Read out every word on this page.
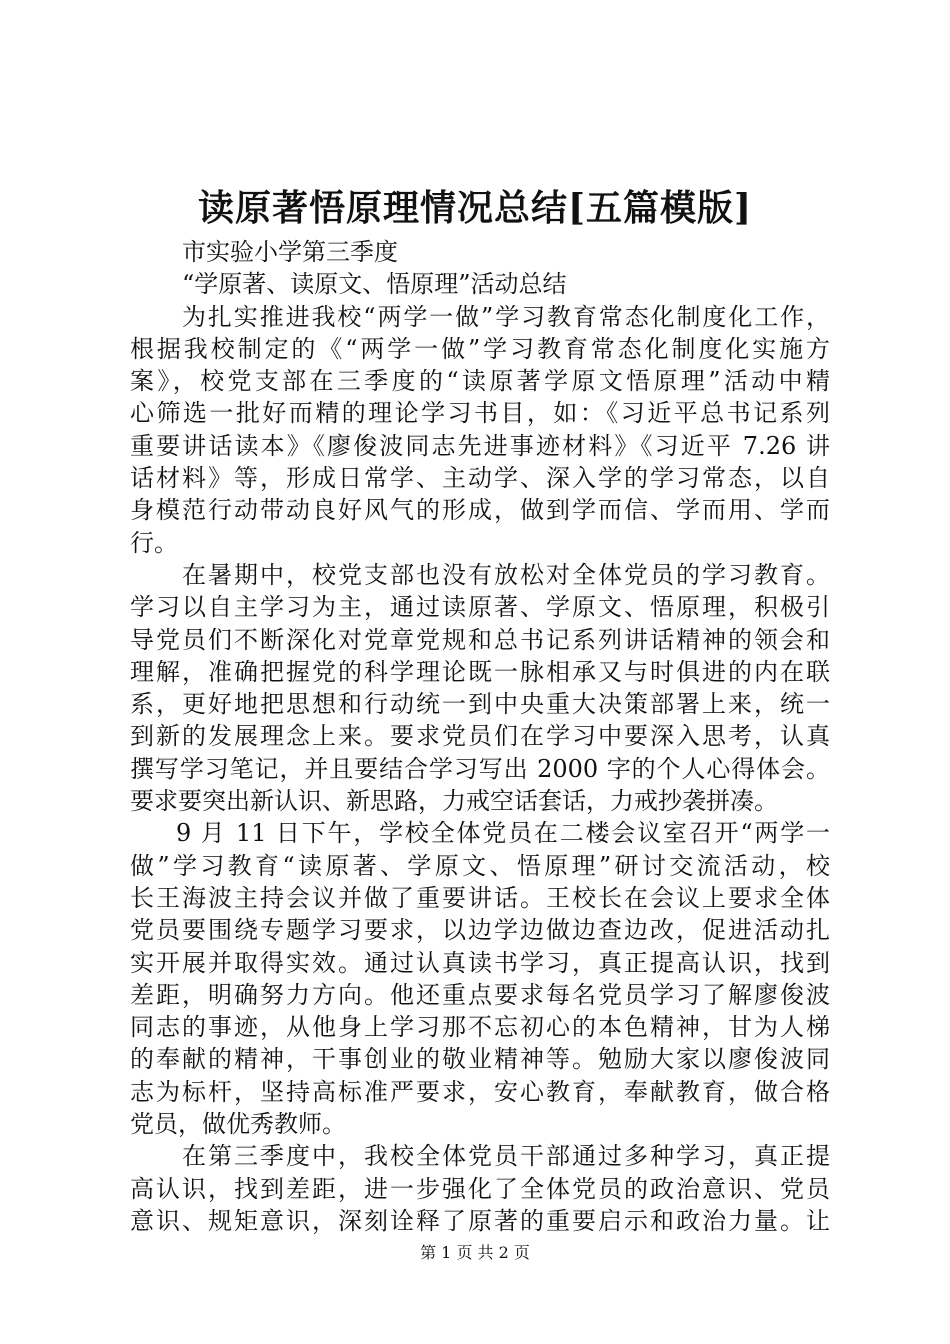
读原著悟原理情况总结[五篇模版]
市实验小学第三季度
“学原著、读原文、悟原理”活动总结
为扎实推进我校“两学一做”学习教育常态化制度化工作，
根据我校制定的《“两学一做”学习教育常态化制度化实施方
案》，校党支部在三季度的“读原著学原文悟原理”活动中精
心筛选一批好而精的理论学习书目，如：《习近平总书记系列
重要讲话读本》《廖俊波同志先进事迹材料》《习近平 7.26 讲
话材料》等，形成日常学、主动学、深入学的学习常态，以自
身模范行动带动良好风气的形成，做到学而信、学而用、学而
行。
在暑期中，校党支部也没有放松对全体党员的学习教育。
学习以自主学习为主，通过读原著、学原文、悟原理，积极引
导党员们不断深化对党章党规和总书记系列讲话精神的领会和
理解，准确把握党的科学理论既一脉相承又与时俱进的内在联
系，更好地把思想和行动统一到中央重大决策部署上来，统一
到新的发展理念上来。要求党员们在学习中要深入思考，认真
撰写学习笔记，并且要结合学习写出 2000 字的个人心得体会。
要求要突出新认识、新思路，力戒空话套话，力戒抄袭拼凑。
9 月 11 日下午，学校全体党员在二楼会议室召开“两学一
做”学习教育“读原著、学原文、悟原理”研讨交流活动，校
长王海波主持会议并做了重要讲话。王校长在会议上要求全体
党员要围绕专题学习要求，以边学边做边查边改，促进活动扎
实开展并取得实效。通过认真读书学习，真正提高认识，找到
差距，明确努力方向。他还重点要求每名党员学习了解廖俊波
同志的事迹，从他身上学习那不忘初心的本色精神，甘为人梯
的奉献的精神，干事创业的敬业精神等。勉励大家以廖俊波同
志为标杆，坚持高标准严要求，安心教育，奉献教育，做合格
党员，做优秀教师。
在第三季度中，我校全体党员干部通过多种学习，真正提
高认识，找到差距，进一步强化了全体党员的政治意识、党员
意识、规矩意识，深刻诠释了原著的重要启示和政治力量。让
第 1 页 共 2 页
